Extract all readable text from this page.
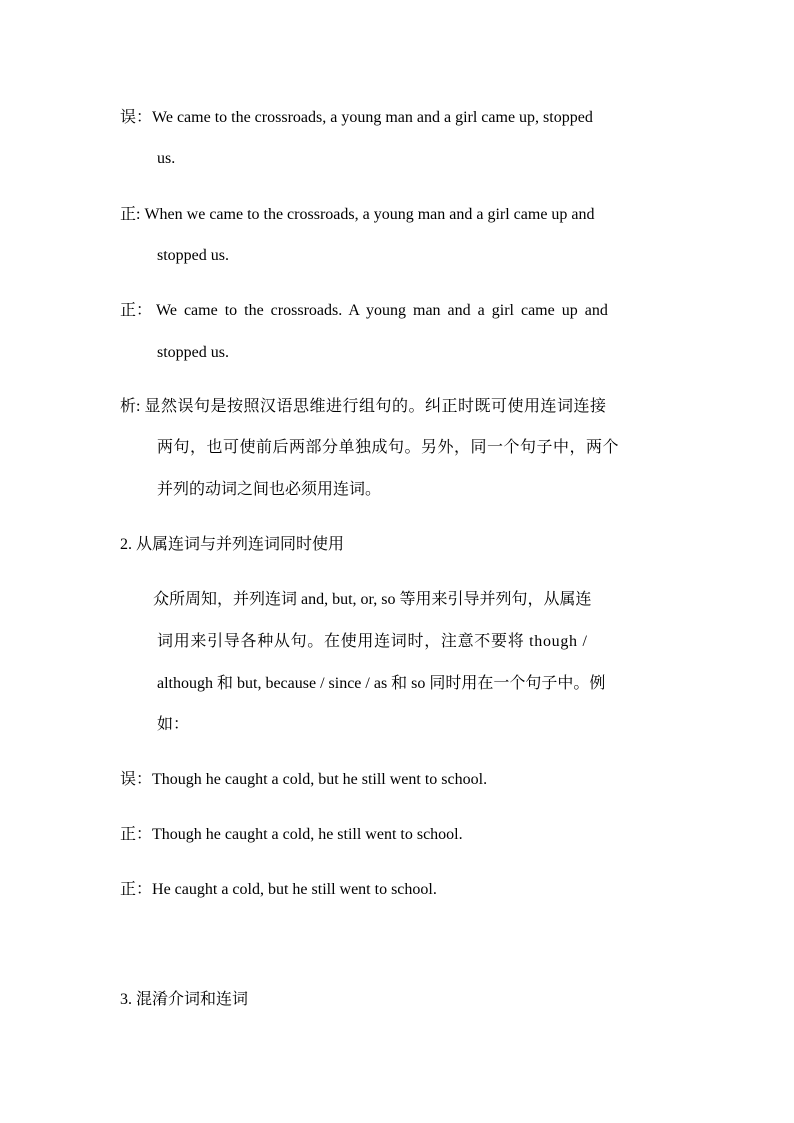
误：We came to the crossroads, a young man and a girl came up, stopped
us.
正: When we came to the crossroads, a young man and a girl came up and
stopped us.
正： We came to the crossroads. A young man and a girl came up and
stopped us.
析: 显然误句是按照汉语思维进行组句的。纠正时既可使用连词连接
两句，也可使前后两部分单独成句。另外，同一个句子中，两个
并列的动词之间也必须用连词。
2. 从属连词与并列连词同时使用
众所周知，并列连词 and, but, or, so 等用来引导并列句，从属连
词用来引导各种从句。在使用连词时，注意不要将 though /
although 和 but, because / since / as 和 so 同时用在一个句子中。例
如：
误：Though he caught a cold, but he still went to school.
正：Though he caught a cold, he still went to school.
正：He caught a cold, but he still went to school.
3. 混淆介词和连词
